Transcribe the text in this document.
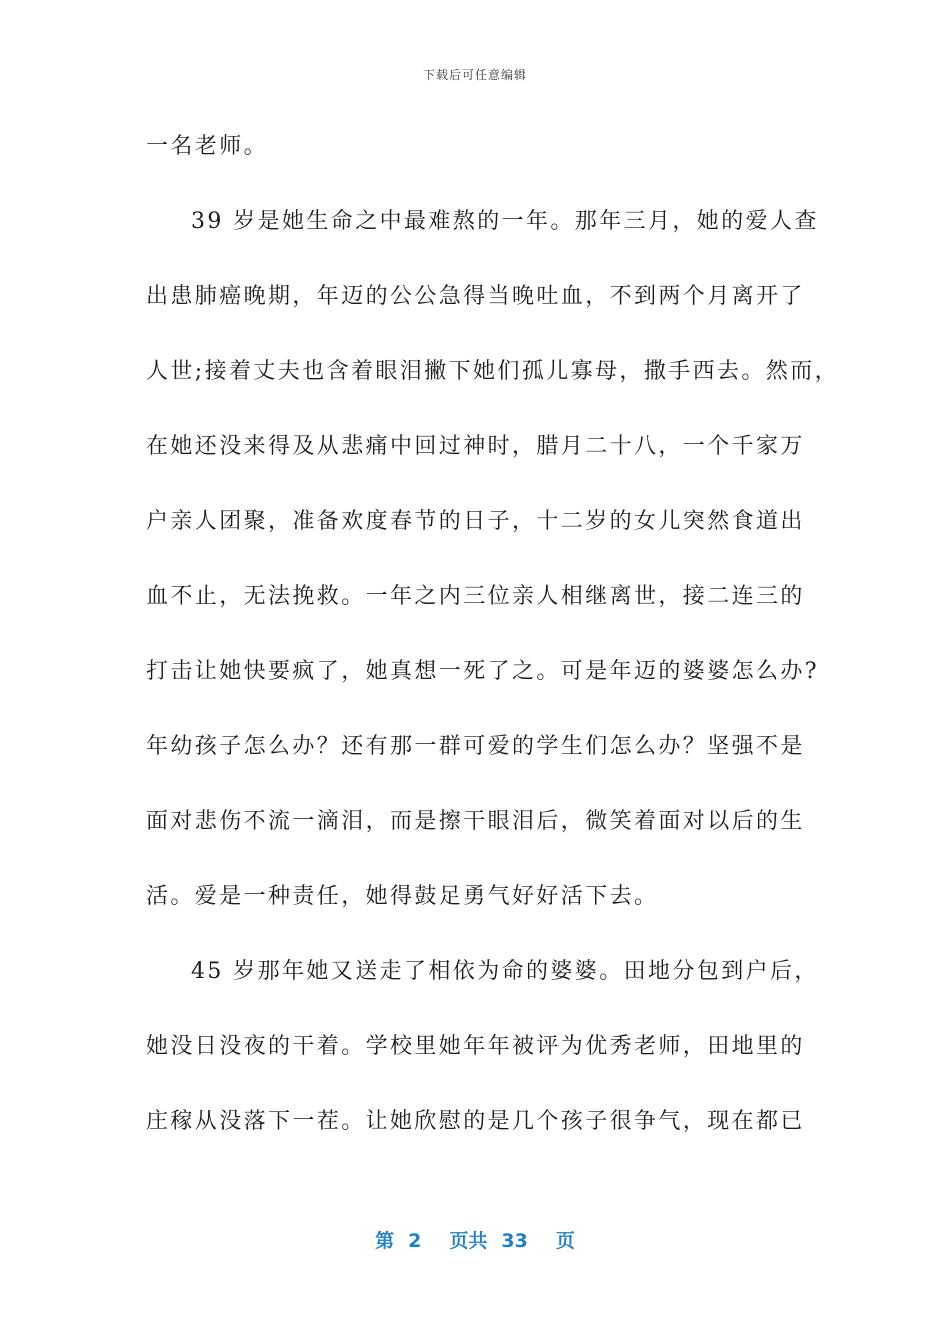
下载后可任意编辑
一名老师。
39 岁是她生命之中最难熬的一年。那年三月，她的爱人查
出患肺癌晚期，年迈的公公急得当晚吐血，不到两个月离开了
人世;接着丈夫也含着眼泪撇下她们孤儿寡母，撒手西去。然而，
在她还没来得及从悲痛中回过神时，腊月二十八，一个千家万
户亲人团聚，准备欢度春节的日子，十二岁的女儿突然食道出
血不止，无法挽救。一年之内三位亲人相继离世，接二连三的
打击让她快要疯了，她真想一死了之。可是年迈的婆婆怎么办?
年幼孩子怎么办？还有那一群可爱的学生们怎么办？坚强不是
面对悲伤不流一滴泪，而是擦干眼泪后，微笑着面对以后的生
活。爱是一种责任，她得鼓足勇气好好活下去。
45 岁那年她又送走了相依为命的婆婆。田地分包到户后，
她没日没夜的干着。学校里她年年被评为优秀老师，田地里的
庄稼从没落下一茬。让她欣慰的是几个孩子很争气，现在都已
第 2 页共 33 页
